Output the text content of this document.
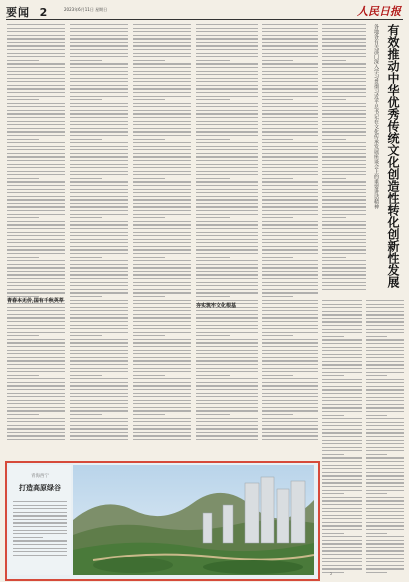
要闻 2	2023年6月11日 星期日	人民日报
青春本无价,国有千秋英萃
夯实筑牢文化根基
有效推动中华优秀传统文化创造性转化创新性发展
各地各有关部门深入学习贯彻习近平总书记在文化传承发展座谈会上的重要讲话精神
青海西宁
打造高原绿谷
2
